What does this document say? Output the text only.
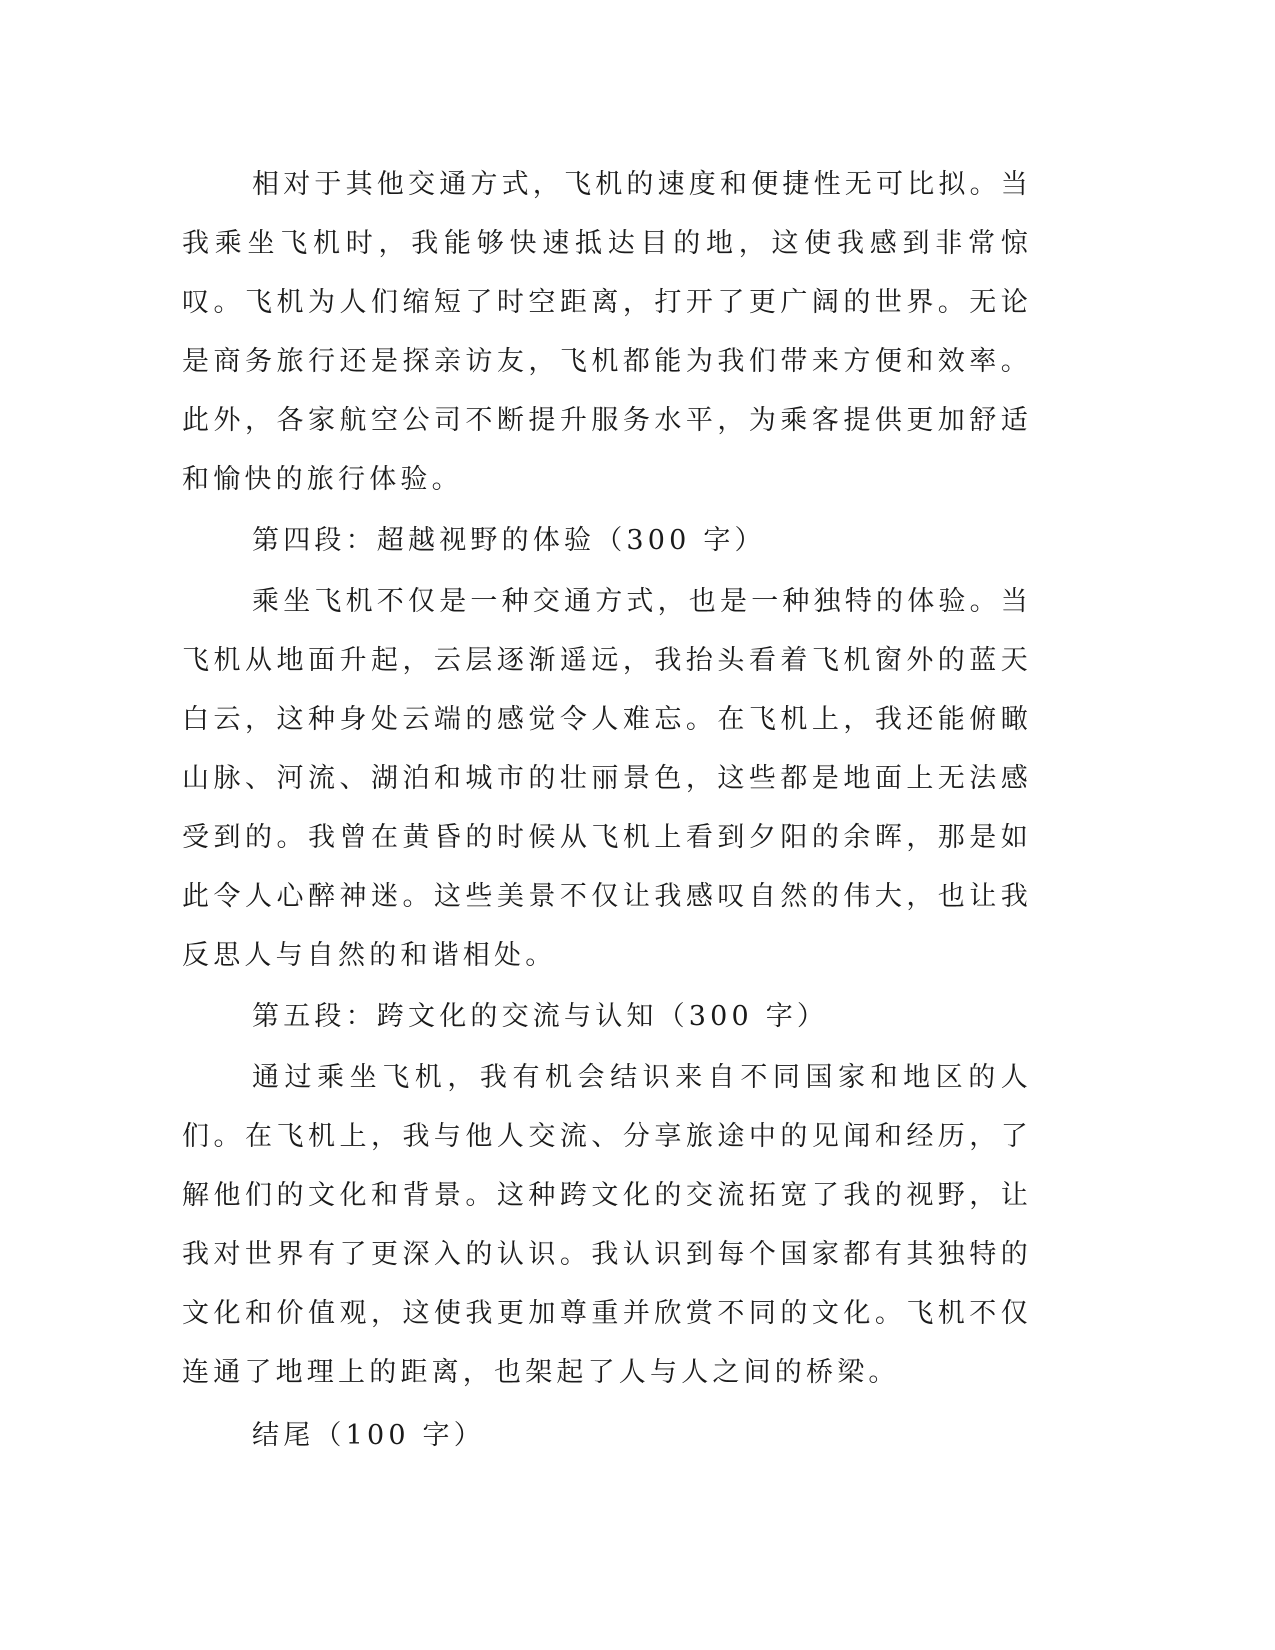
相对于其他交通方式，飞机的速度和便捷性无可比拟。当我乘坐飞机时，我能够快速抵达目的地，这使我感到非常惊叹。飞机为人们缩短了时空距离，打开了更广阔的世界。无论是商务旅行还是探亲访友，飞机都能为我们带来方便和效率。此外，各家航空公司不断提升服务水平，为乘客提供更加舒适和愉快的旅行体验。

第四段：超越视野的体验（300 字）

乘坐飞机不仅是一种交通方式，也是一种独特的体验。当飞机从地面升起，云层逐渐遥远，我抬头看着飞机窗外的蓝天白云，这种身处云端的感觉令人难忘。在飞机上，我还能俯瞰山脉、河流、湖泊和城市的壮丽景色，这些都是地面上无法感受到的。我曾在黄昏的时候从飞机上看到夕阳的余晖，那是如此令人心醉神迷。这些美景不仅让我感叹自然的伟大，也让我反思人与自然的和谐相处。

第五段：跨文化的交流与认知（300 字）

通过乘坐飞机，我有机会结识来自不同国家和地区的人们。在飞机上，我与他人交流、分享旅途中的见闻和经历，了解他们的文化和背景。这种跨文化的交流拓宽了我的视野，让我对世界有了更深入的认识。我认识到每个国家都有其独特的文化和价值观，这使我更加尊重并欣赏不同的文化。飞机不仅连通了地理上的距离，也架起了人与人之间的桥梁。

结尾（100 字）
